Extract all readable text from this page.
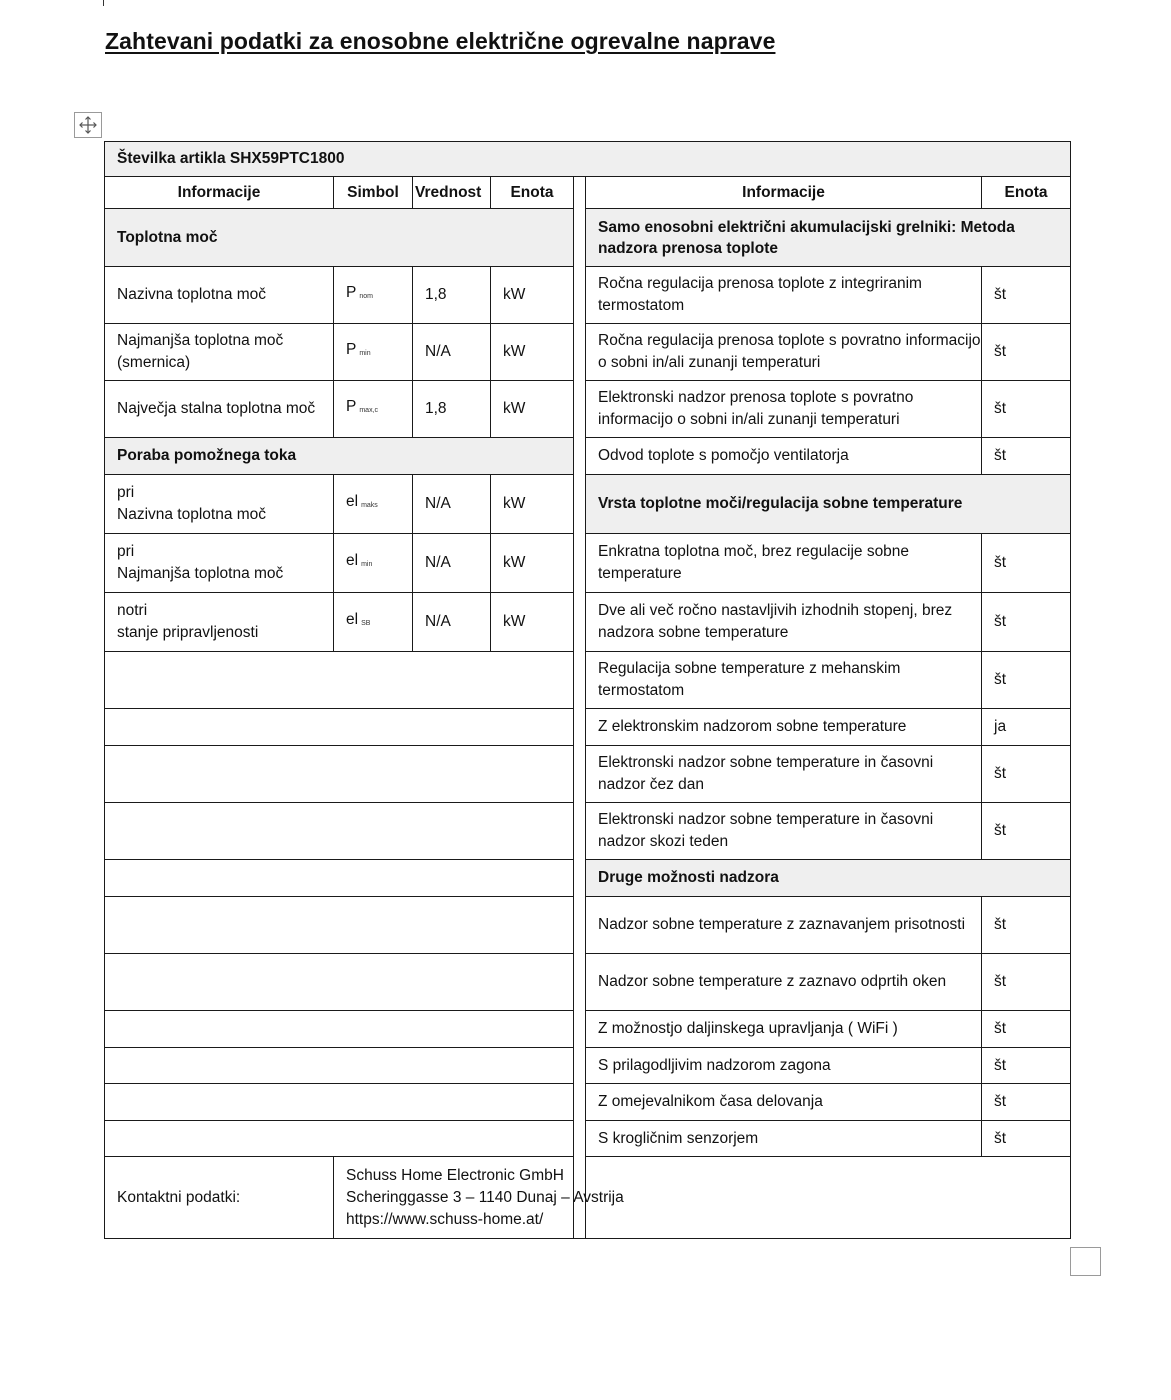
Zahtevani podatki za enosobne električne ogrevalne naprave
Številka artikla SHX59PTC1800						
Informacije	Simbol	Vrednost	Enota		Informacije	Enota
Toplotna moč					Samo enosobni električni akumulacijski grelniki: Metoda nadzora prenosa toplote	
Nazivna toplotna moč	P nom	1,8	kW		Ročna regulacija prenosa toplote z integriranim termostatom	št
Najmanjša toplotna moč (smernica)	P min	N/A	kW		Ročna regulacija prenosa toplote s povratno informacijo o sobni in/ali zunanji temperaturi	št
Največja stalna toplotna moč	P max,c	1,8	kW		Elektronski nadzor prenosa toplote s povratno informacijo o sobni in/ali zunanji temperaturi	št
Poraba pomožnega toka					Odvod toplote s pomočjo ventilatorja	št
pri
Nazivna toplotna moč	el maks	N/A	kW		Vrsta toplotne moči/regulacija sobne temperature	
pri
Najmanjša toplotna moč	el min	N/A	kW		Enkratna toplotna moč, brez regulacije sobne temperature	št
notri
stanje pripravljenosti	el SB	N/A	kW		Dve ali več ročno nastavljivih izhodnih stopenj, brez nadzora sobne temperature	št
					Regulacija sobne temperature z mehanskim termostatom	št
					Z elektronskim nadzorom sobne temperature	ja
					Elektronski nadzor sobne temperature in časovni nadzor čez dan	št
					Elektronski nadzor sobne temperature in časovni nadzor skozi teden	št
					Druge možnosti nadzora	
					Nadzor sobne temperature z zaznavanjem prisotnosti	št
					Nadzor sobne temperature z zaznavo odprtih oken	št
					Z možnostjo daljinskega upravljanja ( WiFi )	št
					S prilagodljivim nadzorom zagona	št
					Z omejevalnikom časa delovanja	št
					S krogličnim senzorjem	št
Kontaktni podatki:	Schuss Home Electronic GmbH
Scheringgasse 3 – 1140 Dunaj – Avstrija
https://www.schuss-home.at/					
